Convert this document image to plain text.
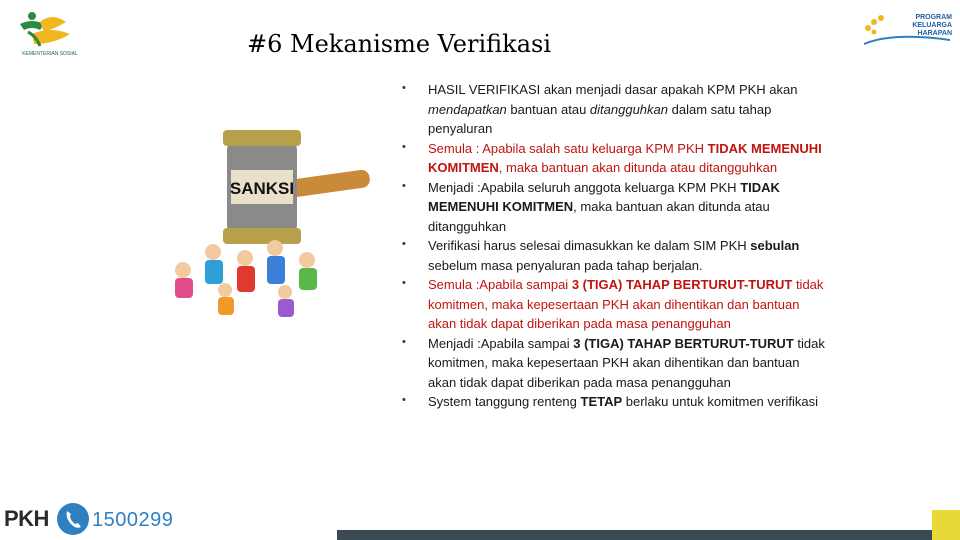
KEMENTERIAN SOSIAL
PROGRAM KELUARGA HARAPAN
#6 Mekanisme Verifikasi
SANKSI
• HASIL VERIFIKASI akan menjadi dasar apakah KPM PKH akan mendapatkan bantuan atau ditangguhkan dalam satu tahap penyaluran
• Semula : Apabila salah satu keluarga KPM PKH TIDAK MEMENUHI KOMITMEN, maka bantuan akan ditunda atau ditangguhkan
• Menjadi :Apabila seluruh anggota keluarga KPM PKH TIDAK MEMENUHI KOMITMEN, maka bantuan akan ditunda atau ditangguhkan
• Verifikasi harus selesai dimasukkan ke dalam SIM PKH sebulan sebelum masa penyaluran pada tahap berjalan.
• Semula :Apabila sampai 3 (TIGA) TAHAP BERTURUT-TURUT tidak komitmen, maka kepesertaan PKH akan dihentikan dan bantuan akan tidak dapat diberikan pada masa penangguhan
• Menjadi :Apabila sampai 3 (TIGA) TAHAP BERTURUT-TURUT tidak komitmen, maka kepesertaan PKH akan dihentikan dan bantuan akan tidak dapat diberikan pada masa penangguhan
• System tanggung renteng TETAP berlaku untuk komitmen verifikasi
PKH 1500299
